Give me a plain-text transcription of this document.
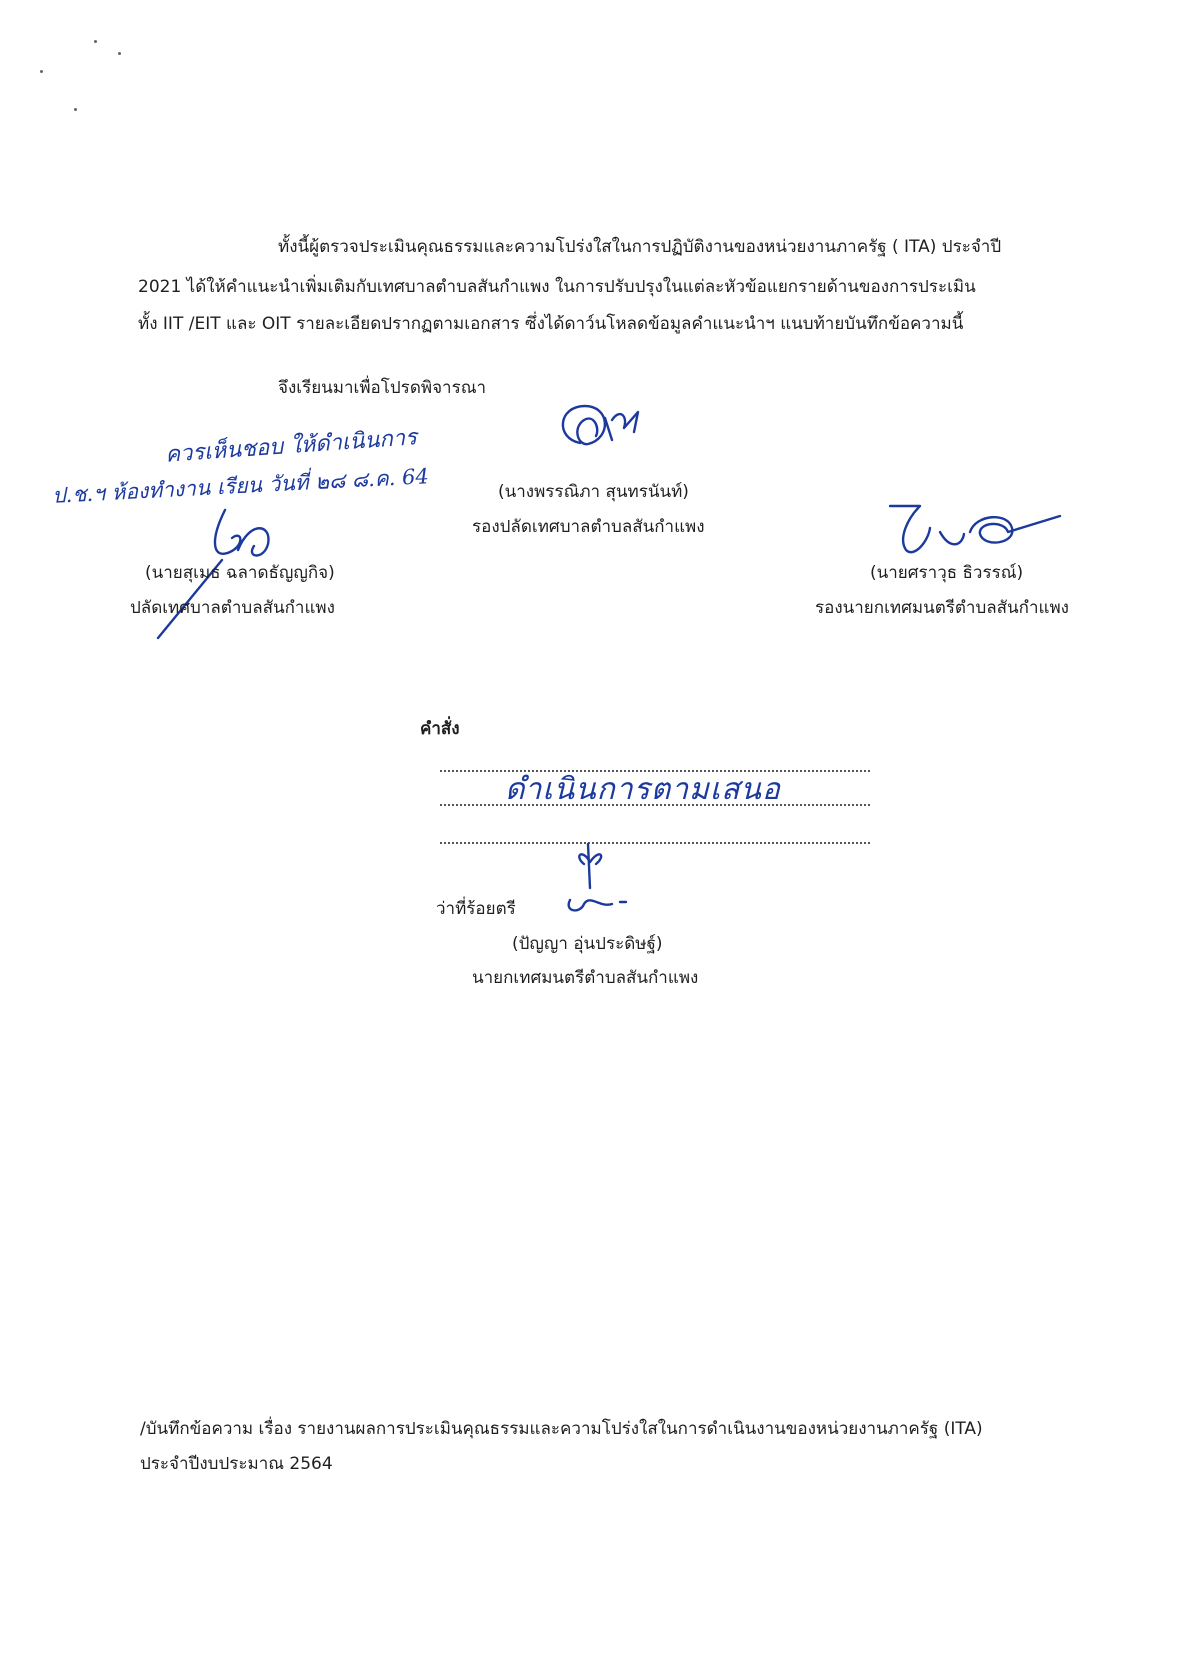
ทั้งนี้ผู้ตรวจประเมินคุณธรรมและความโปร่งใสในการปฏิบัติงานของหน่วยงานภาครัฐ ( ITA) ประจำปี
2021 ได้ให้คำแนะนำเพิ่มเติมกับเทศบาลตำบลสันกำแพง ในการปรับปรุงในแต่ละหัวข้อแยกรายด้านของการประเมิน
ทั้ง IIT /EIT และ OIT รายละเอียดปรากฏตามเอกสาร ซึ่งได้ดาว์นโหลดข้อมูลคำแนะนำฯ แนบท้ายบันทึกข้อความนี้
จึงเรียนมาเพื่อโปรดพิจารณา
ควรเห็นชอบ ให้ดำเนินการ
ป.ช.ฯ ห้องทำงาน เรียน วันที่ ๒๘ ๘.ค. 64	(นางพรรณิภา สุนทรนันท์)
รองปลัดเทศบาลตำบลสันกำแพง
(นายสุเมธ ฉลาดธัญญกิจ)
ปลัดเทศบาลตำบลสันกำแพง
(นายศราวุธ ธิวรรณ์)
รองนายกเทศมนตรีตำบลสันกำแพง
คำสั่ง
ดำเนินการตามเสนอ
ว่าที่ร้อยตรี
(ปัญญา อุ่นประดิษฐ์)
นายกเทศมนตรีตำบลสันกำแพง
/บันทึกข้อความ เรื่อง รายงานผลการประเมินคุณธรรมและความโปร่งใสในการดำเนินงานของหน่วยงานภาครัฐ (ITA)
ประจำปีงบประมาณ 2564
